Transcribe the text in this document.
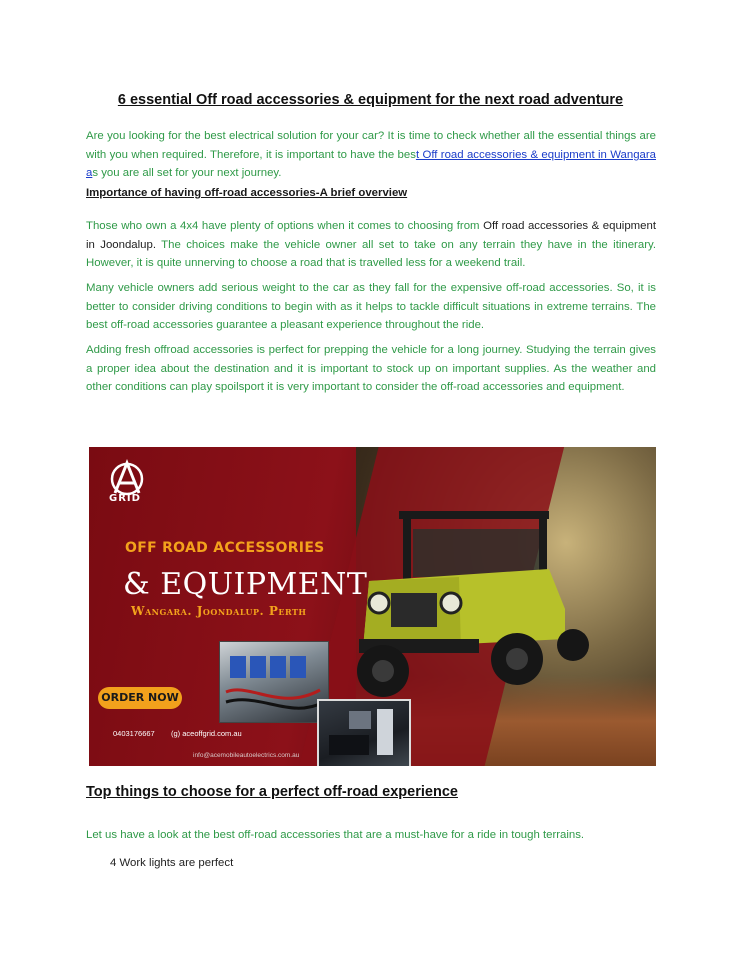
6 essential Off road accessories & equipment for the next road adventure
Are you looking for the best electrical solution for your car? It is time to check whether all the essential things are with you when required. Therefore, it is important to have the best Off road accessories & equipment in Wangara as you are all set for your next journey.
Importance of having off-road accessories-A brief overview
Those who own a 4x4 have plenty of options when it comes to choosing from Off road accessories & equipment in Joondalup. The choices make the vehicle owner all set to take on any terrain they have in the itinerary. However, it is quite unnerving to choose a road that is travelled less for a weekend trail.
Many vehicle owners add serious weight to the car as they fall for the expensive off-road accessories. So, it is better to consider driving conditions to begin with as it helps to tackle difficult situations in extreme terrains. The best off-road accessories guarantee a pleasant experience throughout the ride.
Adding fresh offroad accessories is perfect for prepping the vehicle for a long journey. Studying the terrain gives a proper idea about the destination and it is important to stock up on important supplies. As the weather and other conditions can play spoilsport it is very important to consider the off-road accessories and equipment.
GRID
OFF ROAD ACCESSORIES
& EQUIPMENT
Wangara. Joondalup. Perth
ORDER NOW
0403176667 (g) aceoffgrid.com.au
info@acemobileautoelectrics.com.au
Top things to choose for a perfect off-road experience
Let us have a look at the best off-road accessories that are a must-have for a ride in tough terrains.
4 Work lights are perfect
